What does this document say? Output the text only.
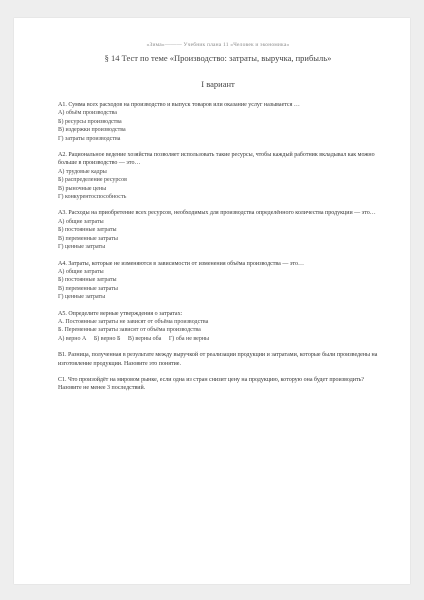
«Зима»——— Учебник плана 11 «Человек и экономика»
§ 14 Тест по теме «Производство: затраты, выручка, прибыль»
I вариант
А1. Сумма всех расходов на производство и выпуск товаров или оказание услуг называется …
А) объём производства
Б) ресурсы производства
В) издержки производства
Г) затраты производства
А2. Рациональное ведение хозяйства позволяет использовать такие ресурсы, чтобы каждый работник вкладывал как можно больше в производство — это…
А) трудовые кадры
Б) распределение ресурсов
В) рыночные цены
Г) конкурентоспособность
А3. Расходы на приобретение всех ресурсов, необходимых для производства определённого количества продукции — это…
А) общие затраты
Б) постоянные затраты
В) переменные затраты
Г) ценные затраты
А4. Затраты, которые не изменяются в зависимости от изменения объёма производства — это…
А) общие затраты
Б) постоянные затраты
В) переменные затраты
Г) ценные затраты
А5. Определите верные утверждения о затратах:
А. Постоянные затраты не зависят от объёма производства
Б. Переменные затраты зависят от объёма производства
А) верно А     Б) верно Б     В) верны оба     Г) оба не верны
В1. Разница, полученная в результате между выручкой от реализации продукции и затратами, которые были произведены на изготовление продукции. Назовите это понятие.
С1. Что произойдёт на мировом рынке, если одна из стран снизит цену на продукцию, которую она будет производить? Назовите не менее 3 последствий.
